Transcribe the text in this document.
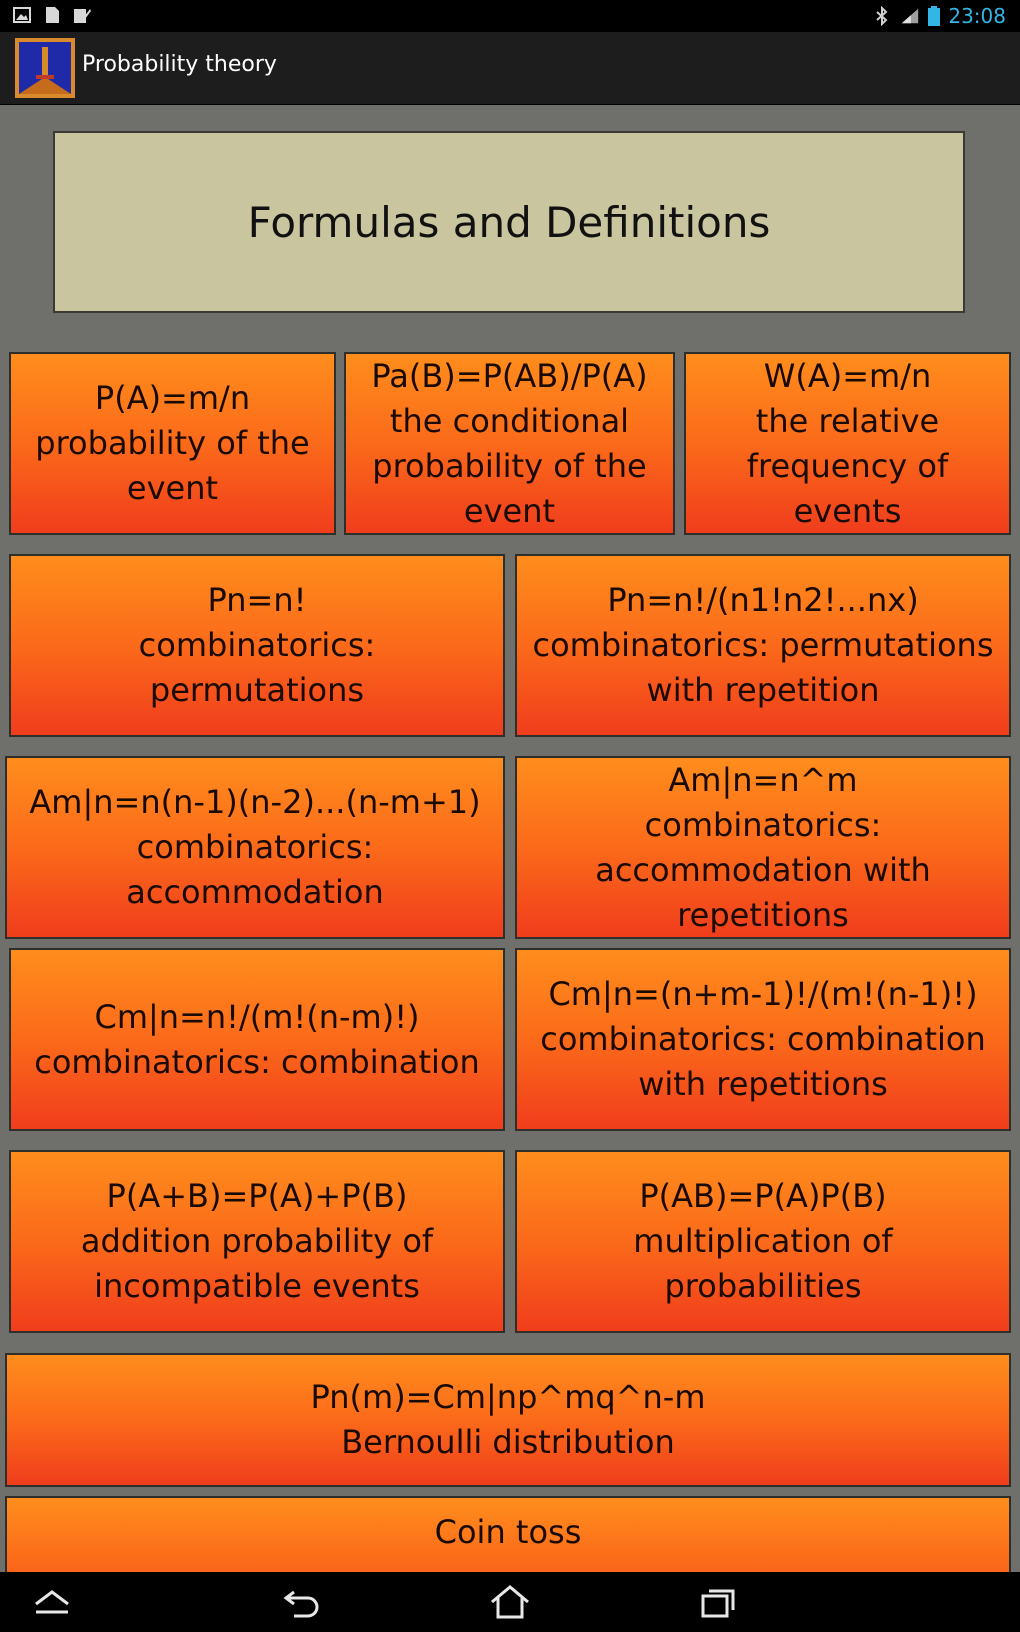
23:08
Probability theory
Formulas and Definitions
P(A)=m/n
probability of the
event
Pa(B)=P(AB)/P(A)
the conditional
probability of the
event
W(A)=m/n
the relative
frequency of
events
Pn=n!
combinatorics:
permutations
Pn=n!/(n1!n2!...nx)
combinatorics: permutations
with repetition
Am|n=n(n-1)(n-2)...(n-m+1)
combinatorics:
accommodation
Am|n=n^m
combinatorics:
accommodation with
repetitions
Cm|n=n!/(m!(n-m)!)
combinatorics: combination
Cm|n=(n+m-1)!/(m!(n-1)!)
combinatorics: combination
with repetitions
P(A+B)=P(A)+P(B)
addition probability of
incompatible events
P(AB)=P(A)P(B)
multiplication of
probabilities
Pn(m)=Cm|np^mq^n-m
Bernoulli distribution
Coin toss
